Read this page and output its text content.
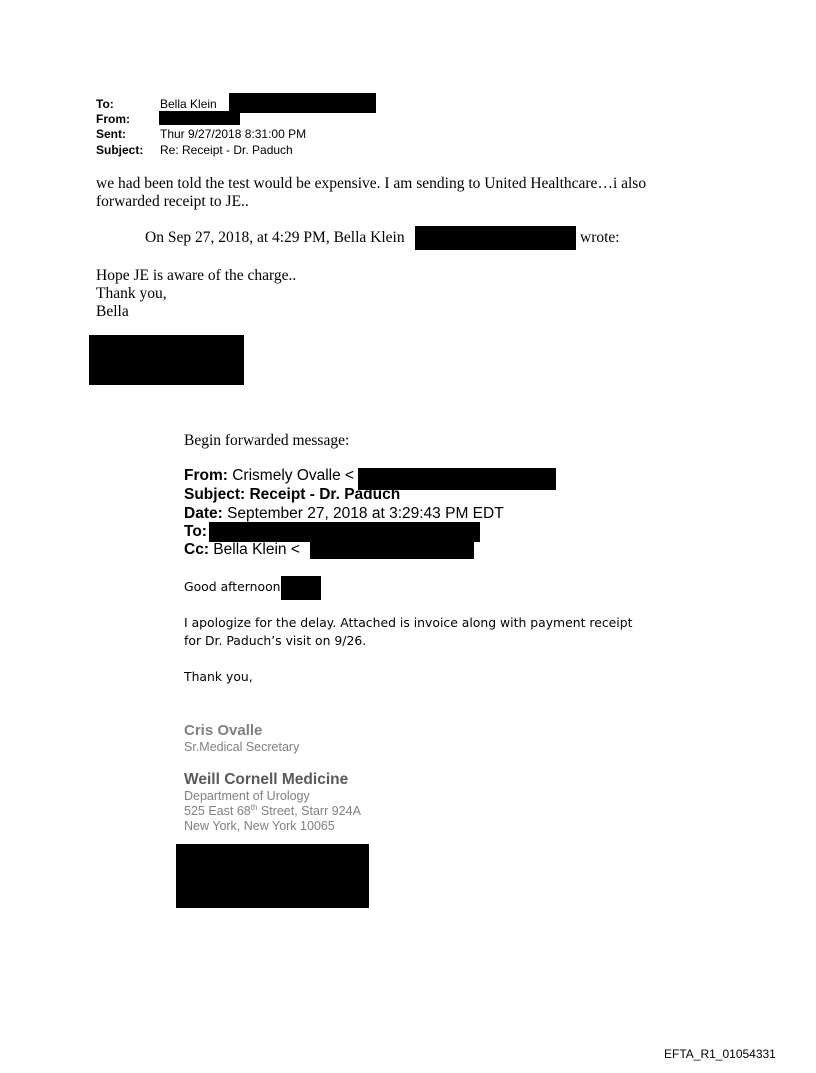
To:	Bella Klein
From:
Sent:	Thur 9/27/2018 8:31:00 PM
Subject: Re: Receipt - Dr. Paduch
we had been told the test would be expensive. I am sending to United Healthcare…i also
forwarded receipt to JE..
On Sep 27, 2018, at 4:29 PM, Bella Klein	wrote:
Hope JE is aware of the charge..
Thank you,
Bella
Begin forwarded message:
From: Crismely Ovalle <
Subject: Receipt - Dr. Paduch
Date: September 27, 2018 at 3:29:43 PM EDT
To:
Cc: Bella Klein <
Good afternoon
I apologize for the delay. Attached is invoice along with payment receipt
for Dr. Paduch’s visit on 9/26.
Thank you,
Cris Ovalle
Sr.Medical Secretary
Weill Cornell Medicine
Department of Urology
525 East 68th Street, Starr 924A
New York, New York 10065
EFTA_R1_01054331
